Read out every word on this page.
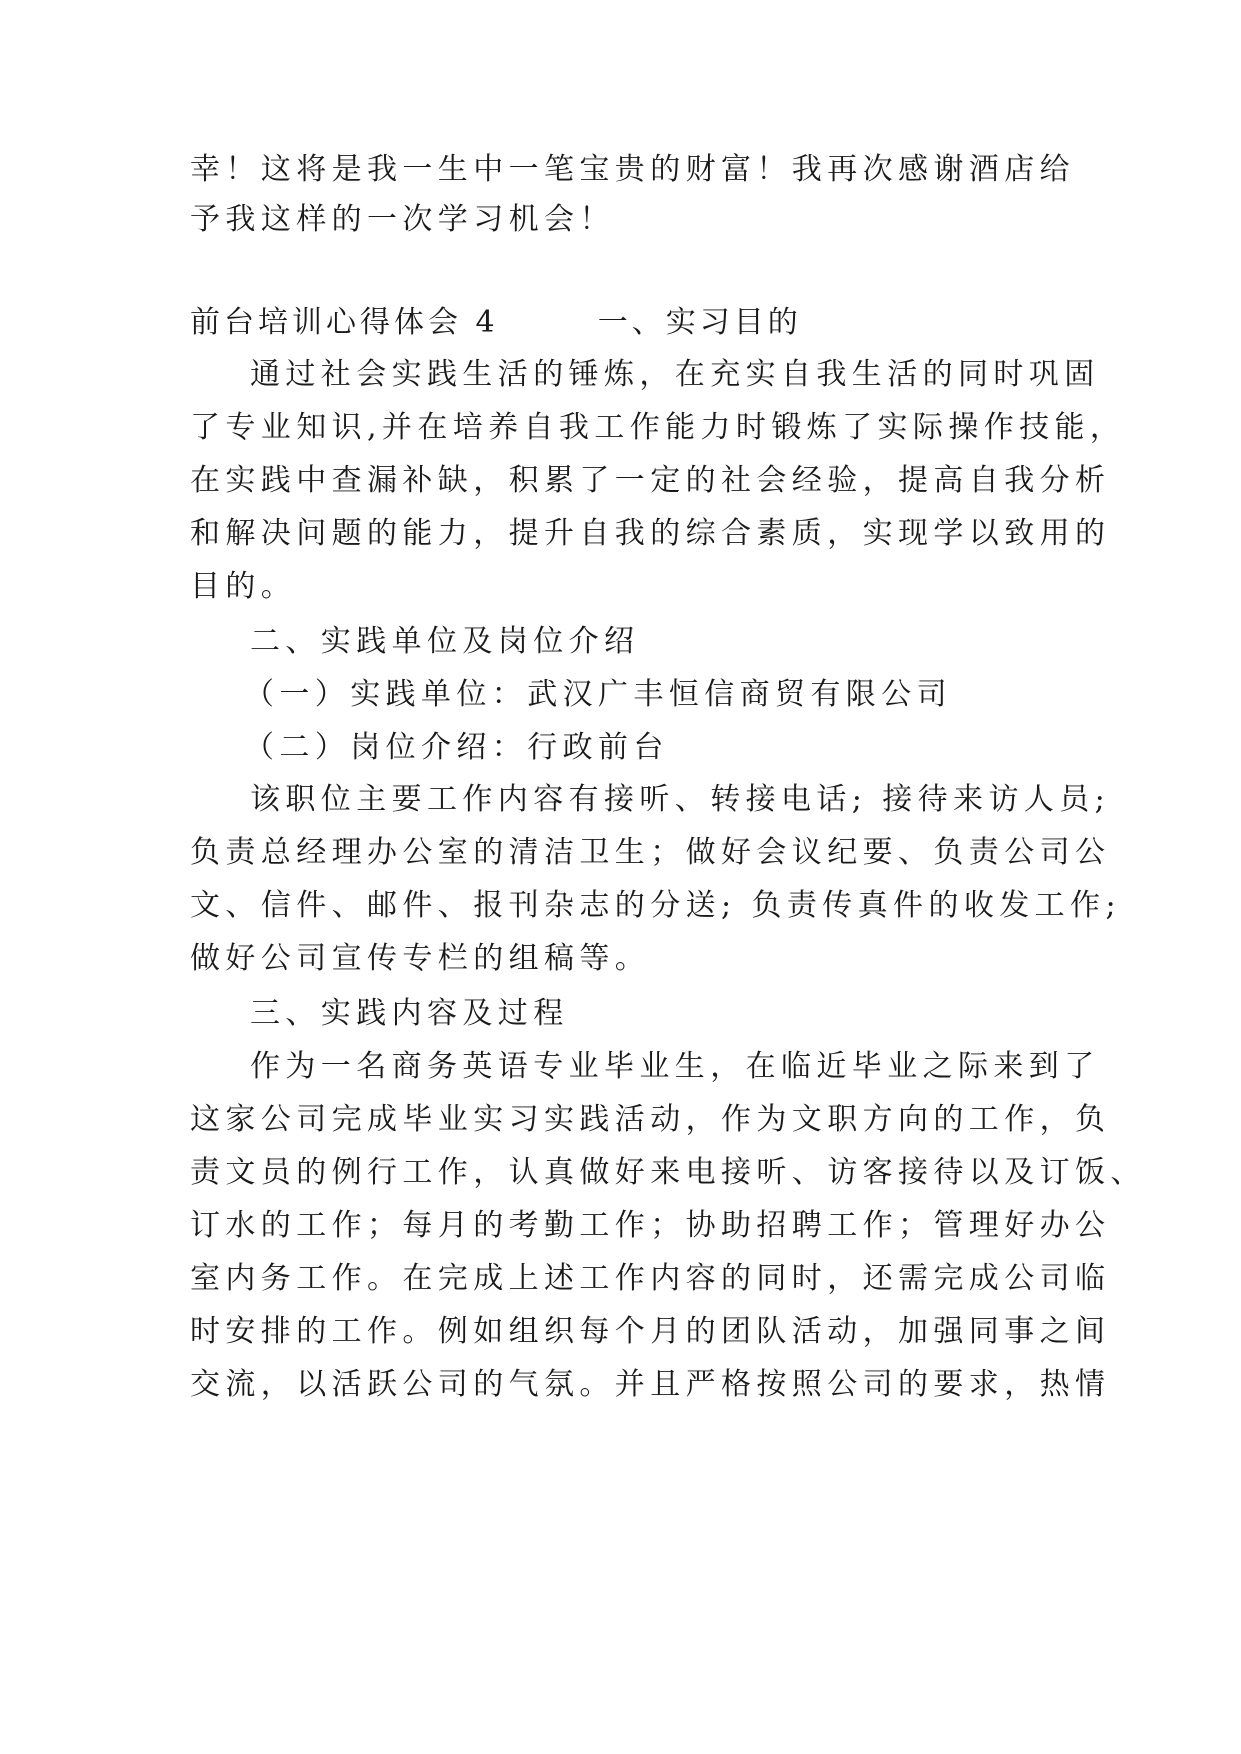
幸！这将是我一生中一笔宝贵的财富！我再次感谢酒店给
予我这样的一次学习机会！
前台培训心得体会 4	一、实习目的
通过社会实践生活的锤炼，在充实自我生活的同时巩固
了专业知识,并在培养自我工作能力时锻炼了实际操作技能，
在实践中查漏补缺，积累了一定的社会经验，提高自我分析
和解决问题的能力，提升自我的综合素质，实现学以致用的
目的。
二、实践单位及岗位介绍
（一）实践单位：武汉广丰恒信商贸有限公司
（二）岗位介绍：行政前台
该职位主要工作内容有接听、转接电话; 接待来访人员;
负责总经理办公室的清洁卫生；做好会议纪要、负责公司公
文、信件、邮件、报刊杂志的分送; 负责传真件的收发工作;
做好公司宣传专栏的组稿等。
三、实践内容及过程
作为一名商务英语专业毕业生，在临近毕业之际来到了
这家公司完成毕业实习实践活动，作为文职方向的工作，负
责文员的例行工作，认真做好来电接听、访客接待以及订饭、
订水的工作；每月的考勤工作；协助招聘工作；管理好办公
室内务工作。在完成上述工作内容的同时，还需完成公司临
时安排的工作。例如组织每个月的团队活动，加强同事之间
交流，以活跃公司的气氛。并且严格按照公司的要求，热情
